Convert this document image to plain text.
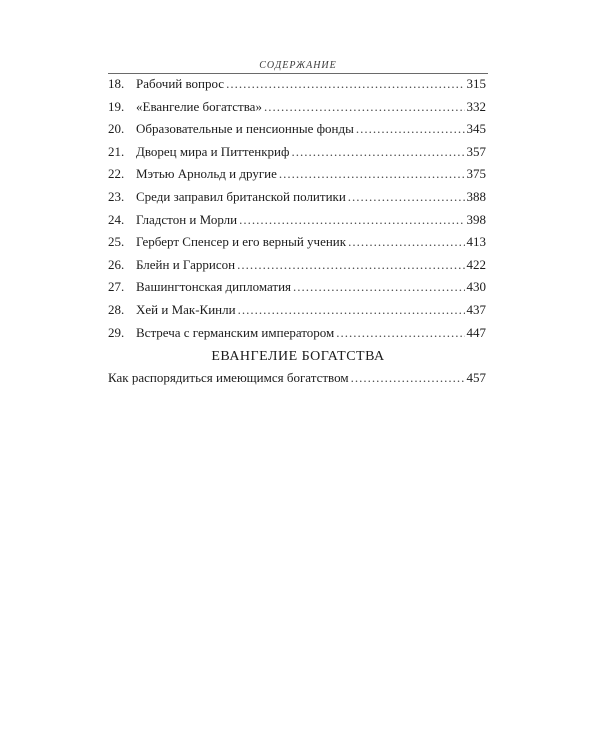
СОДЕРЖАНИЕ
18. Рабочий вопрос .....	315
19. «Евангелие богатства» .....	332
20. Образовательные и пенсионные фонды .....	345
21. Дворец мира и Питтенкриф .....	357
22. Мэтью Арнольд и другие .....	375
23. Среди заправил британской политики .....	388
24. Гладстон и Морли .....	398
25. Герберт Спенсер и его верный ученик .....	413
26. Блейн и Гаррисон .....	422
27. Вашингтонская дипломатия .....	430
28. Хей и Мак-Кинли .....	437
29. Встреча с германским императором .....	447
ЕВАНГЕЛИЕ БОГАТСТВА
Как распорядиться имеющимся богатством .....	457
